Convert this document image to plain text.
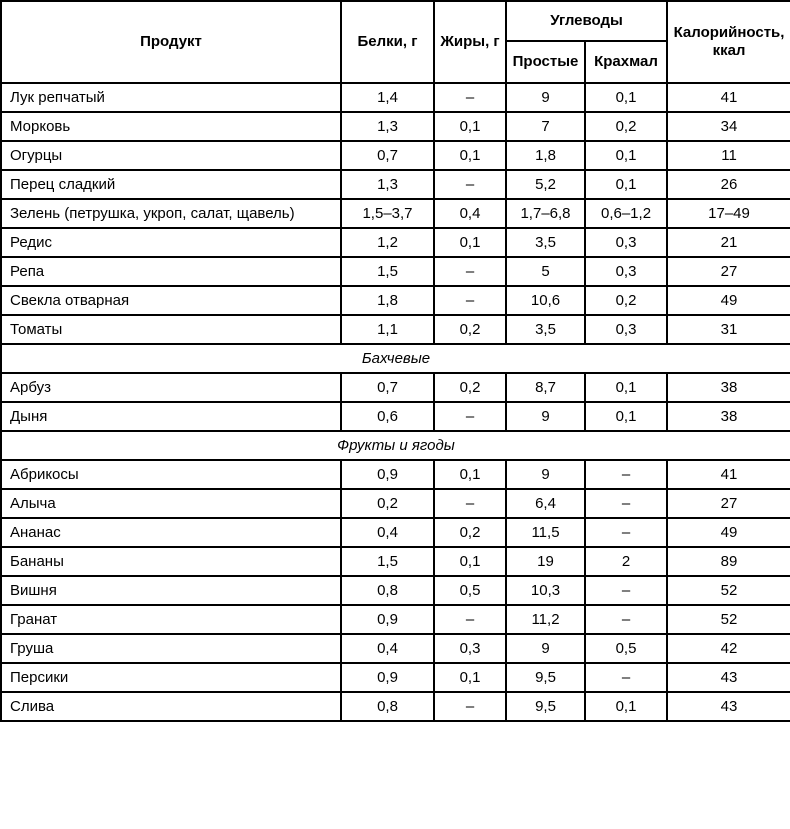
Продукт	Белки, г	Жиры, г	Углеводы		Калорийность, ккал
			Простые	Крахмал	
Лук репчатый	1,4	–	9	0,1	41
Морковь	1,3	0,1	7	0,2	34
Огурцы	0,7	0,1	1,8	0,1	11
Перец сладкий	1,3	–	5,2	0,1	26
Зелень (петрушка, укроп, салат, щавель)	1,5–3,7	0,4	1,7–6,8	0,6–1,2	17–49
Редис	1,2	0,1	3,5	0,3	21
Репа	1,5	–	5	0,3	27
Свекла отварная	1,8	–	10,6	0,2	49
Томаты	1,1	0,2	3,5	0,3	31
Бахчевые					
Арбуз	0,7	0,2	8,7	0,1	38
Дыня	0,6	–	9	0,1	38
Фрукты и ягоды					
Абрикосы	0,9	0,1	9	–	41
Алыча	0,2	–	6,4	–	27
Ананас	0,4	0,2	11,5	–	49
Бананы	1,5	0,1	19	2	89
Вишня	0,8	0,5	10,3	–	52
Гранат	0,9	–	11,2	–	52
Груша	0,4	0,3	9	0,5	42
Персики	0,9	0,1	9,5	–	43
Слива	0,8	–	9,5	0,1	43
